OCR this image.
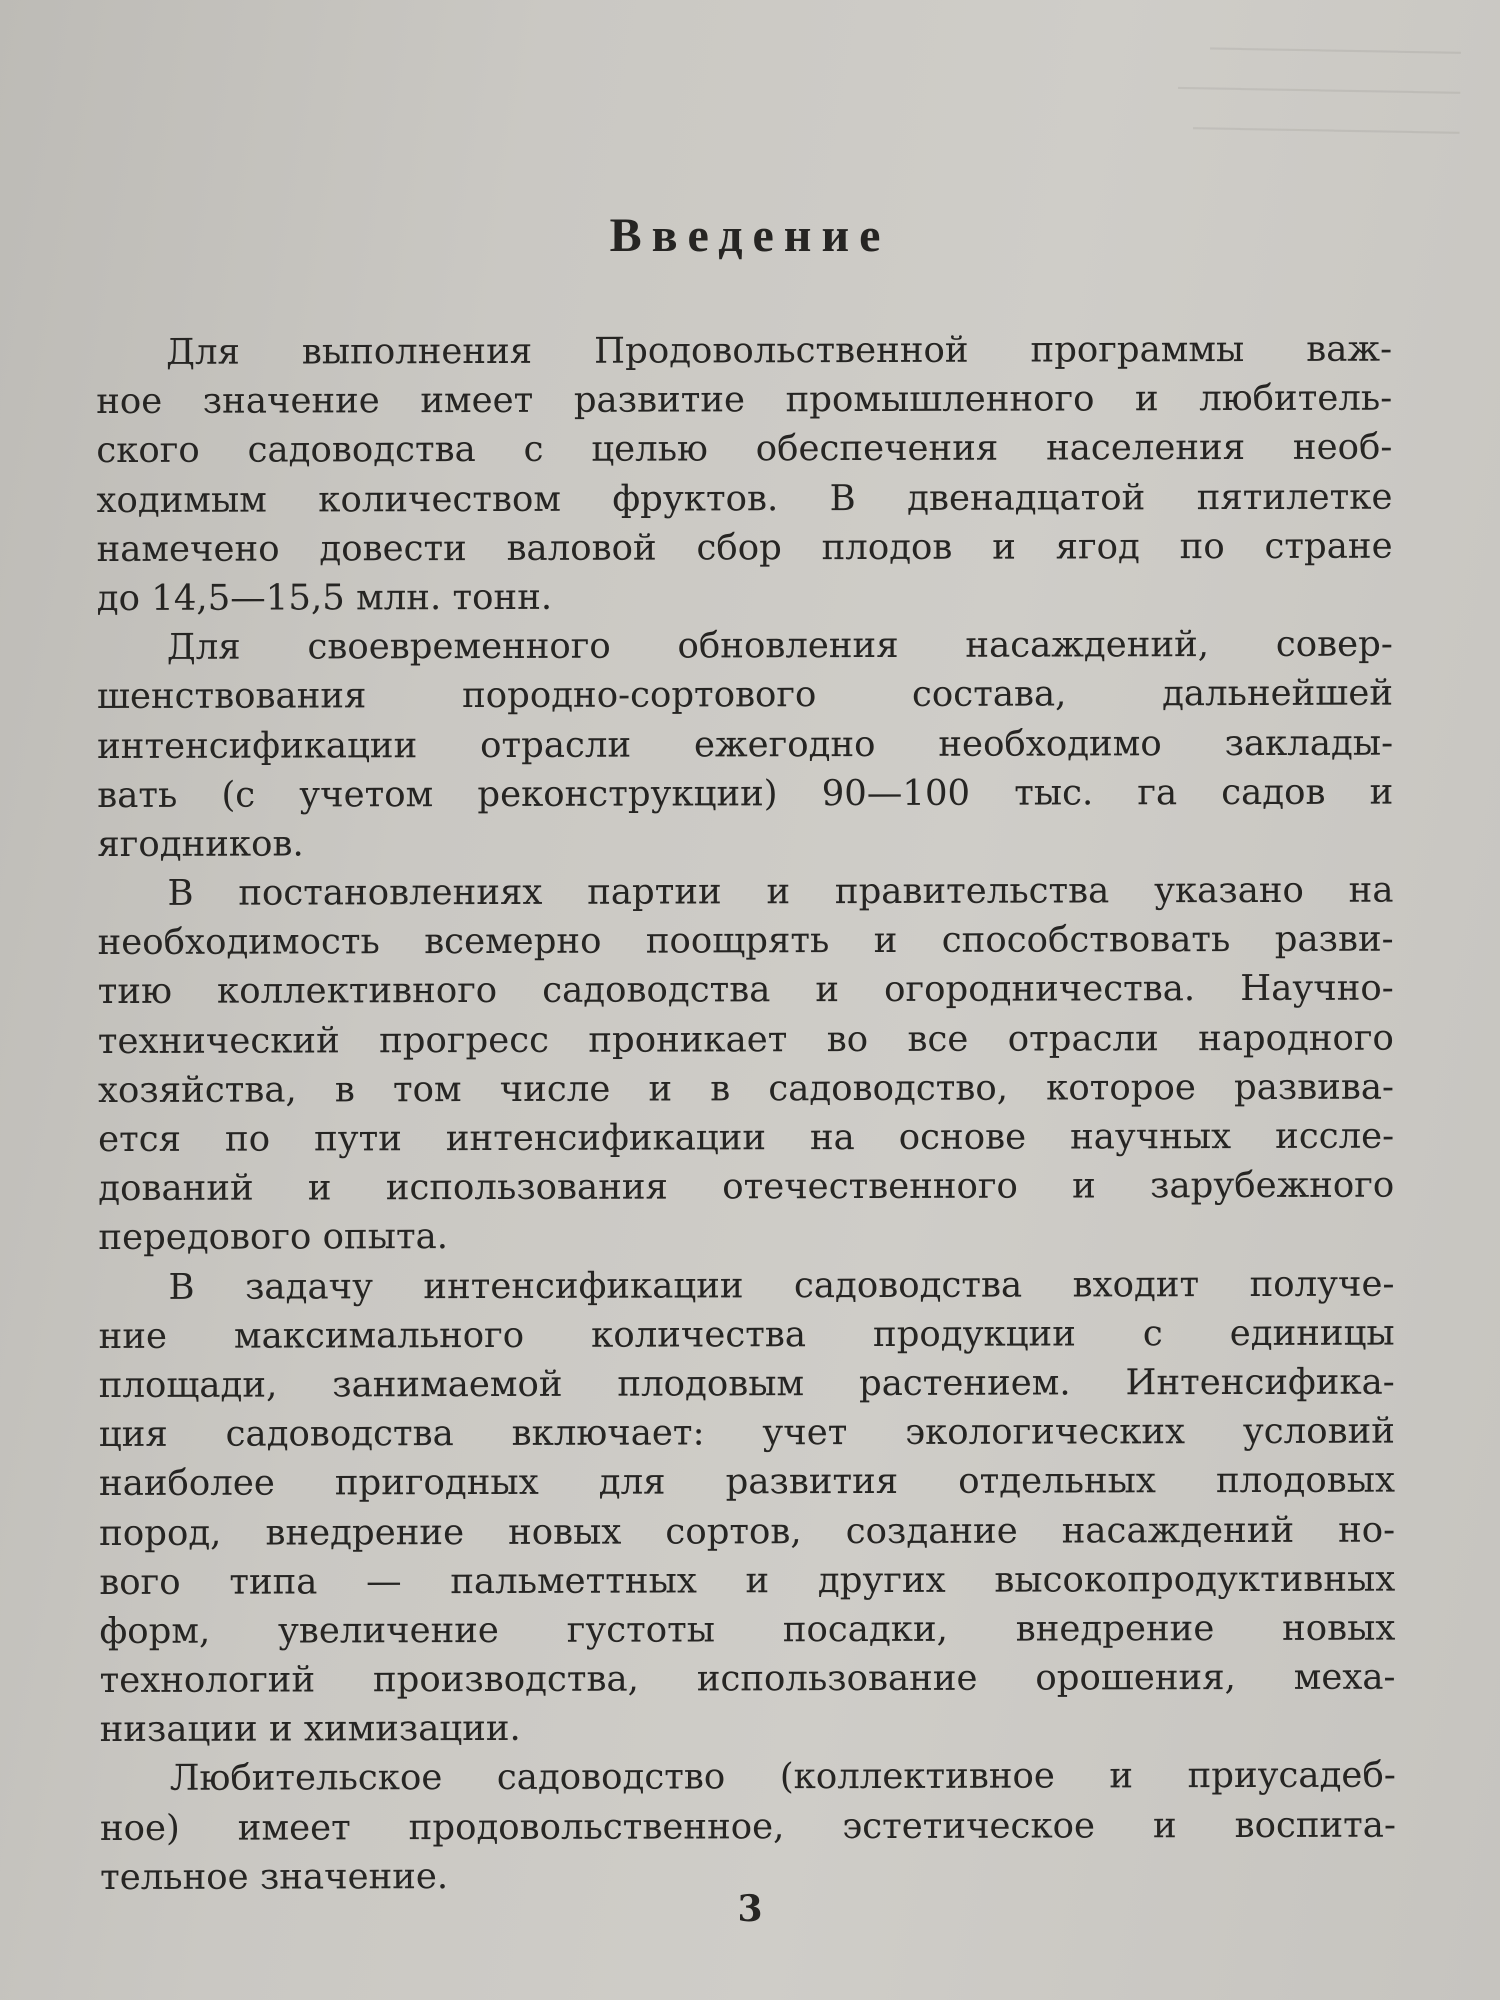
────────────────
──────────────────
─────────────────
Введение
Для выполнения Продовольственной программы важ-
ное значение имеет развитие промышленного и любитель-
ского садоводства с целью обеспечения населения необ-
ходимым количеством фруктов. В двенадцатой пятилетке
намечено довести валовой сбор плодов и ягод по стране
до 14,5—15,5 млн. тонн.
Для своевременного обновления насаждений, совер-
шенствования породно-сортового состава, дальнейшей
интенсификации отрасли ежегодно необходимо заклады-
вать (с учетом реконструкции) 90—100 тыс. га садов и
ягодников.
В постановлениях партии и правительства указано на
необходимость всемерно поощрять и способствовать разви-
тию коллективного садоводства и огородничества. Научно-
технический прогресс проникает во все отрасли народного
хозяйства, в том числе и в садоводство, которое развива-
ется по пути интенсификации на основе научных иссле-
дований и использования отечественного и зарубежного
передового опыта.
В задачу интенсификации садоводства входит получе-
ние максимального количества продукции с единицы
площади, занимаемой плодовым растением. Интенсифика-
ция садоводства включает: учет экологических условий
наиболее пригодных для развития отдельных плодовых
пород, внедрение новых сортов, создание насаждений но-
вого типа — пальметтных и других высокопродуктивных
форм, увеличение густоты посадки, внедрение новых
технологий производства, использование орошения, меха-
низации и химизации.
Любительское садоводство (коллективное и приусадеб-
ное) имеет продовольственное, эстетическое и воспита-
тельное значение.
3
